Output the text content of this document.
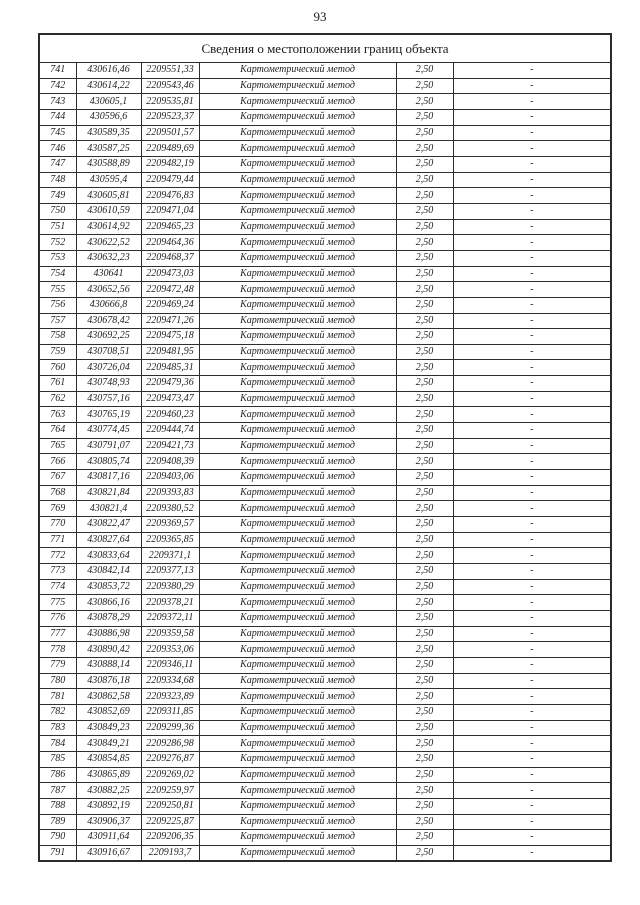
93
Сведения о местоположении границ объекта					
741	430616,46	2209551,33	Картометрический метод	2,50	-
742	430614,22	2209543,46	Картометрический метод	2,50	-
743	430605,1	2209535,81	Картометрический метод	2,50	-
744	430596,6	2209523,37	Картометрический метод	2,50	-
745	430589,35	2209501,57	Картометрический метод	2,50	-
746	430587,25	2209489,69	Картометрический метод	2,50	-
747	430588,89	2209482,19	Картометрический метод	2,50	-
748	430595,4	2209479,44	Картометрический метод	2,50	-
749	430605,81	2209476,83	Картометрический метод	2,50	-
750	430610,59	2209471,04	Картометрический метод	2,50	-
751	430614,92	2209465,23	Картометрический метод	2,50	-
752	430622,52	2209464,36	Картометрический метод	2,50	-
753	430632,23	2209468,37	Картометрический метод	2,50	-
754	430641	2209473,03	Картометрический метод	2,50	-
755	430652,56	2209472,48	Картометрический метод	2,50	-
756	430666,8	2209469,24	Картометрический метод	2,50	-
757	430678,42	2209471,26	Картометрический метод	2,50	-
758	430692,25	2209475,18	Картометрический метод	2,50	-
759	430708,51	2209481,95	Картометрический метод	2,50	-
760	430726,04	2209485,31	Картометрический метод	2,50	-
761	430748,93	2209479,36	Картометрический метод	2,50	-
762	430757,16	2209473,47	Картометрический метод	2,50	-
763	430765,19	2209460,23	Картометрический метод	2,50	-
764	430774,45	2209444,74	Картометрический метод	2,50	-
765	430791,07	2209421,73	Картометрический метод	2,50	-
766	430805,74	2209408,39	Картометрический метод	2,50	-
767	430817,16	2209403,06	Картометрический метод	2,50	-
768	430821,84	2209393,83	Картометрический метод	2,50	-
769	430821,4	2209380,52	Картометрический метод	2,50	-
770	430822,47	2209369,57	Картометрический метод	2,50	-
771	430827,64	2209365,85	Картометрический метод	2,50	-
772	430833,64	2209371,1	Картометрический метод	2,50	-
773	430842,14	2209377,13	Картометрический метод	2,50	-
774	430853,72	2209380,29	Картометрический метод	2,50	-
775	430866,16	2209378,21	Картометрический метод	2,50	-
776	430878,29	2209372,11	Картометрический метод	2,50	-
777	430886,98	2209359,58	Картометрический метод	2,50	-
778	430890,42	2209353,06	Картометрический метод	2,50	-
779	430888,14	2209346,11	Картометрический метод	2,50	-
780	430876,18	2209334,68	Картометрический метод	2,50	-
781	430862,58	2209323,89	Картометрический метод	2,50	-
782	430852,69	2209311,85	Картометрический метод	2,50	-
783	430849,23	2209299,36	Картометрический метод	2,50	-
784	430849,21	2209286,98	Картометрический метод	2,50	-
785	430854,85	2209276,87	Картометрический метод	2,50	-
786	430865,89	2209269,02	Картометрический метод	2,50	-
787	430882,25	2209259,97	Картометрический метод	2,50	-
788	430892,19	2209250,81	Картометрический метод	2,50	-
789	430906,37	2209225,87	Картометрический метод	2,50	-
790	430911,64	2209206,35	Картометрический метод	2,50	-
791	430916,67	2209193,7	Картометрический метод	2,50	-
